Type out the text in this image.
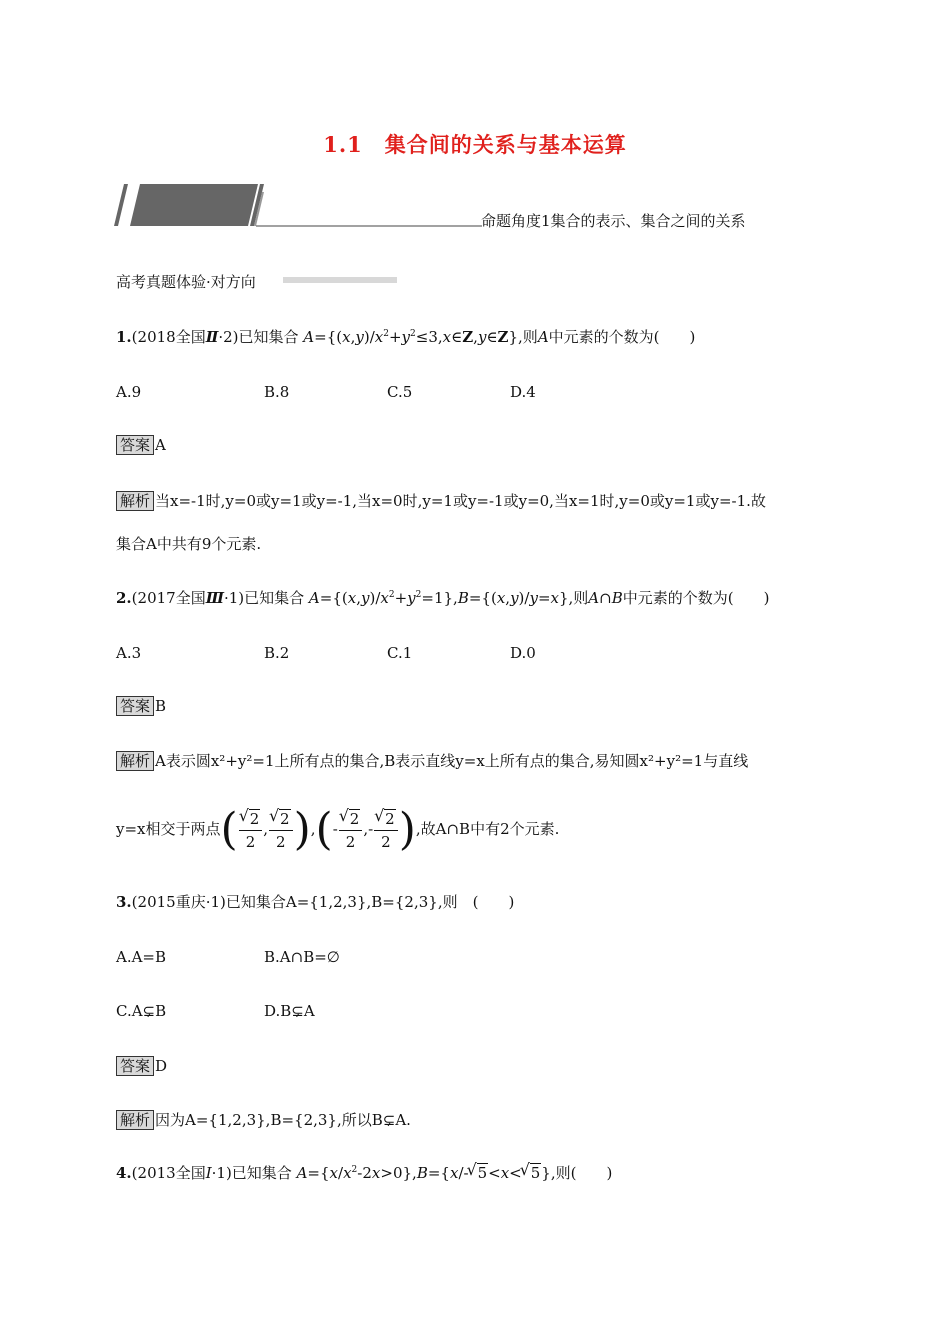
1.1　集合间的关系与基本运算
命题角度1集合的表示、集合之间的关系
高考真题体验·对方向
1.(2018全国Ⅱ·2)已知集合 $A=\{(x,y)/x^2+y^2\le 3,x\in Z,y\in Z\}$,则A中元素的个数为(　　)
A.9	B.8	C.5	D.4
答案 A
解析 当x=-1时,y=0或y=1或y=-1,当x=0时,y=1或y=-1或y=0,当x=1时,y=0或y=1或y=-1.故
集合A中共有9个元素.
2.(2017全国Ⅲ·1)已知集合 $A=\{(x,y)/x^2+y^2=1\},B=\{(x,y)/y=x\}$,则A∩B中元素的个数为(　　)
A.3	B.2	C.1	D.0
答案 B
解析 A表示圆x²+y²=1上所有点的集合,B表示直线y=x上所有点的集合,易知圆x²+y²=1与直线
y=x相交于两点(
√ $\frac{2}{2}$ ,
√ $\frac{2}{2}$ ),(-
√ $\frac{2}{2}$ ,-
√ $\frac{2}{2}$ ),故A∩B中有2个元素.
3.(2015重庆·1)已知集合A={1,2,3},B={2,3},则　(　　)
A.A=B	B.A∩B=∅
C.A⊊B	D.B⊊A
答案 D
解析 因为A={1,2,3},B={2,3},所以B⊊A.
4.(2013全国Ⅰ·1)已知集合 $A=\{x/x^2-2x>0\},B=\{x/-√$ 5<x<√ 5},则(　　)
